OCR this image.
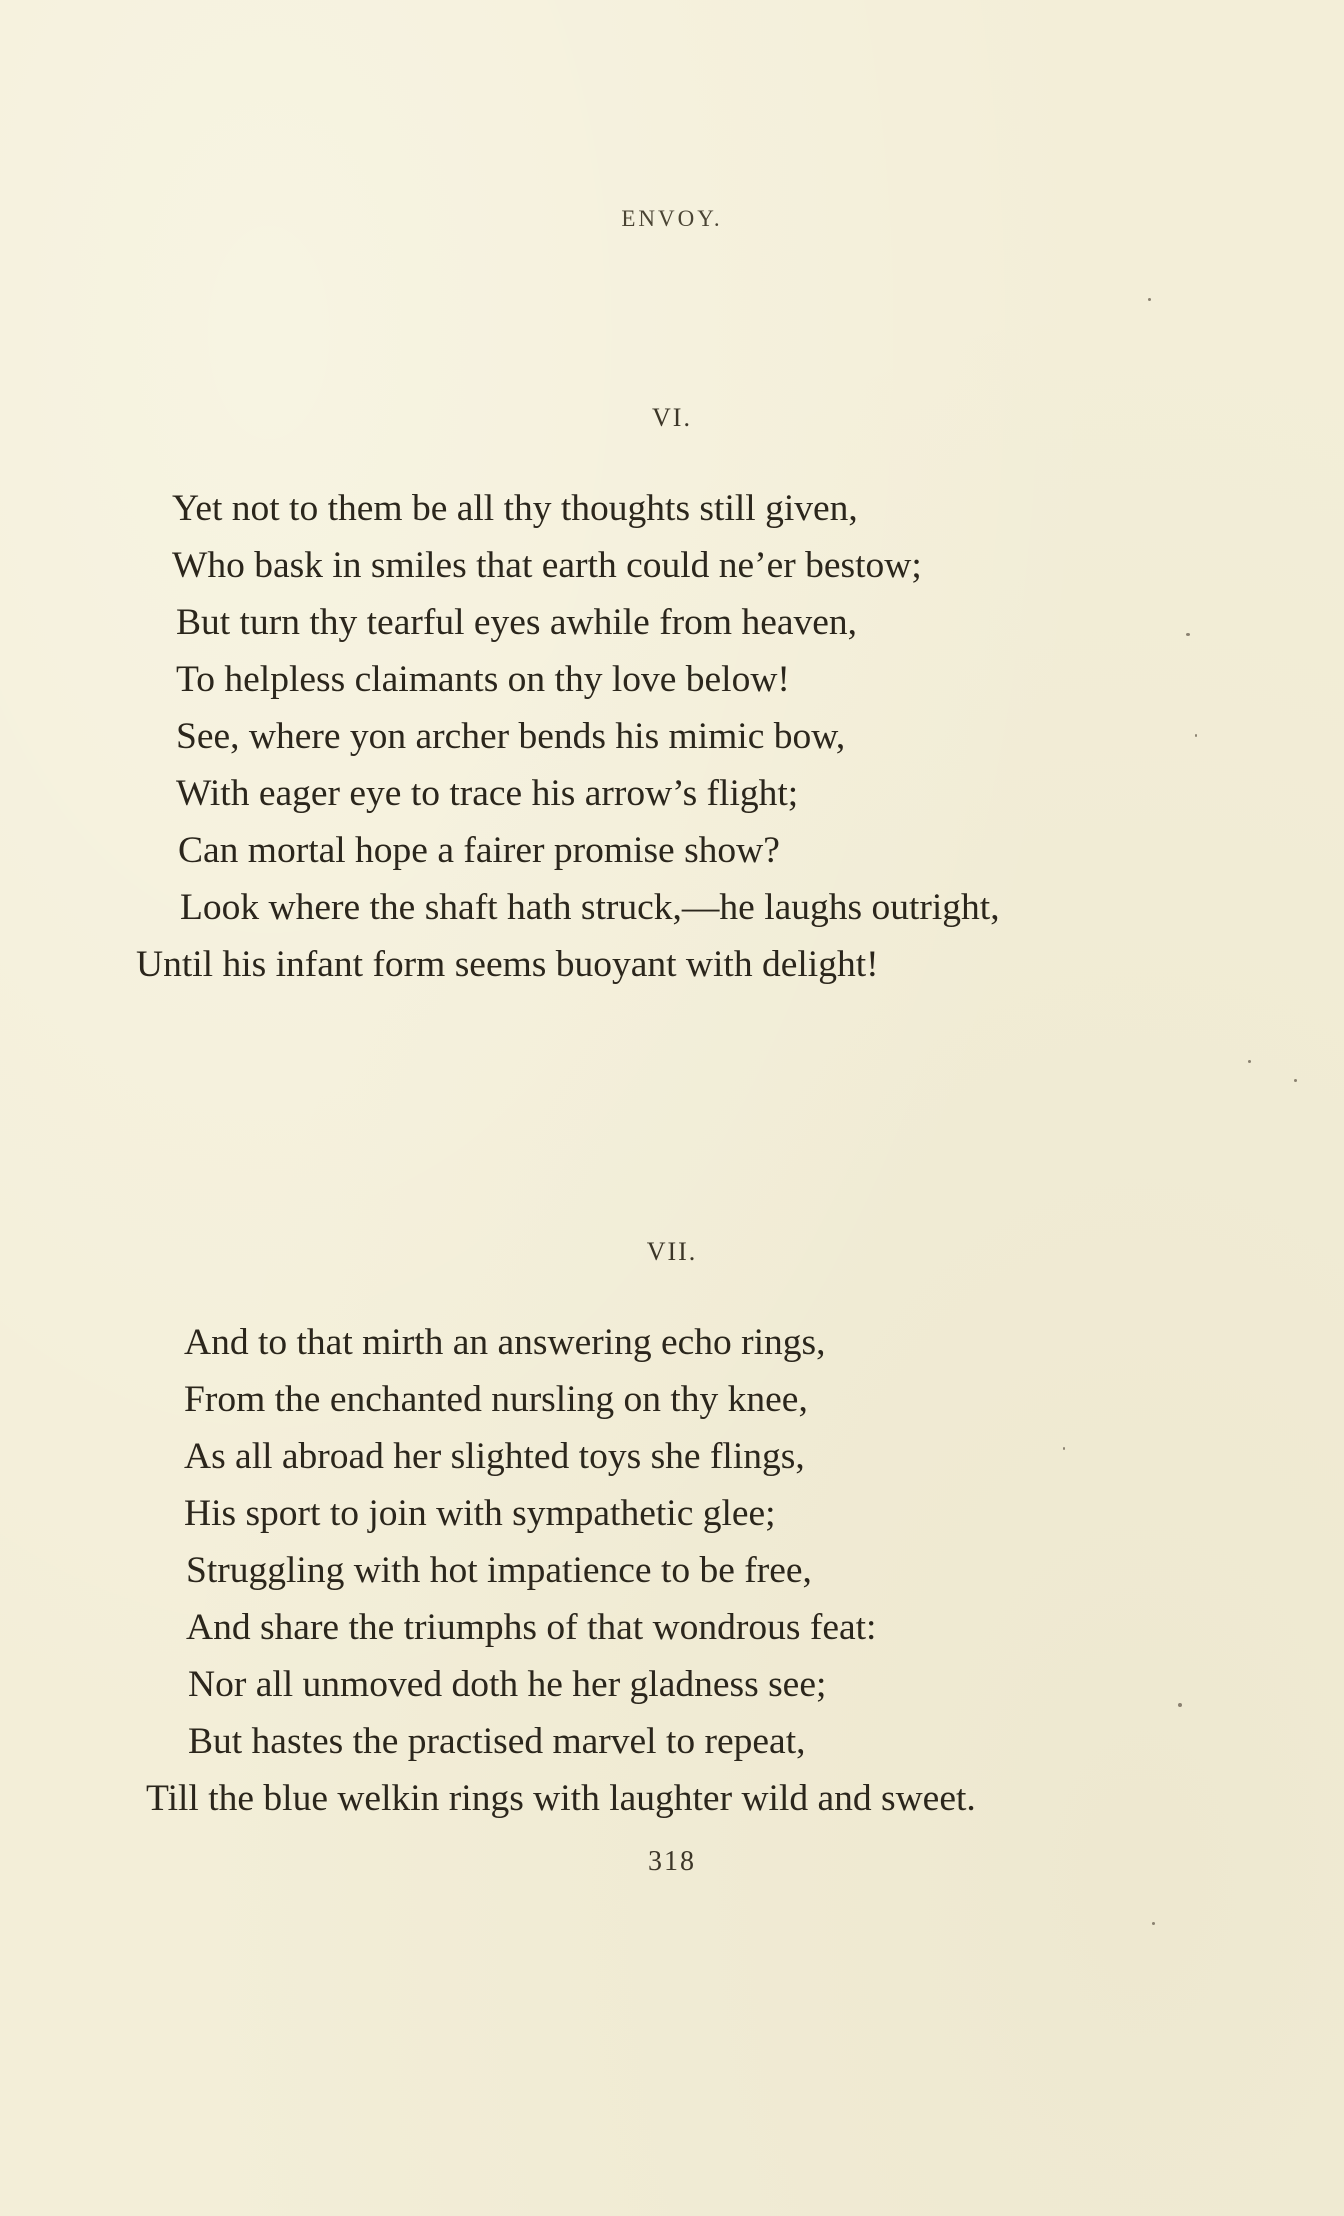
ENVOY.
VI.
Yet not to them be all thy thoughts still given,
Who bask in smiles that earth could ne’er bestow;
But turn thy tearful eyes awhile from heaven,
To helpless claimants on thy love below!
See, where yon archer bends his mimic bow,
With eager eye to trace his arrow’s flight;
Can mortal hope a fairer promise show?
Look where the shaft hath struck,—he laughs outright,
Until his infant form seems buoyant with delight!
VII.
And to that mirth an answering echo rings,
From the enchanted nursling on thy knee,
As all abroad her slighted toys she flings,
His sport to join with sympathetic glee;
Struggling with hot impatience to be free,
And share the triumphs of that wondrous feat:
Nor all unmoved doth he her gladness see;
But hastes the practised marvel to repeat,
Till the blue welkin rings with laughter wild and sweet.
318
